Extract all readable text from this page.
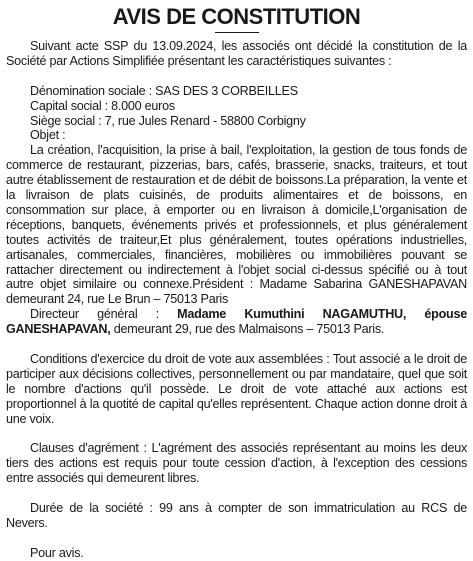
AVIS DE CONSTITUTION

Suivant acte SSP du 13.09.2024, les associés ont décidé la constitution de la Société par Actions Simplifiée présentant les caractéristiques suivantes :

Dénomination sociale : SAS DES 3 CORBEILLES

Capital social : 8.000 euros

Siège social : 7, rue Jules Renard - 58800 Corbigny

Objet :

La création, l'acquisition, la prise à bail, l'exploitation, la gestion de tous fonds de commerce de restaurant, pizzerias, bars, cafés, brasserie, snacks, traiteurs, et tout autre établissement de restauration et de débit de boissons.La préparation, la vente et la livraison de plats cuisinés, de produits alimentaires et de boissons, en consommation sur place, à emporter ou en livraison à domicile,L'organisation de réceptions, banquets, événements privés et professionnels, et plus généralement toutes activités de traiteur,Et plus généralement, toutes opérations industrielles, artisanales, commerciales, financières, mobilières ou immobilières pouvant se rattacher directement ou indirectement à l'objet social ci-dessus spécifié ou à tout autre objet similaire ou connexe.Président : Madame Sabarina GANESHAPAVAN demeurant 24, rue Le Brun – 75013 Paris

Directeur général : Madame Kumuthini NAGAMUTHU, épouse GANESHAPAVAN, demeurant 29, rue des Malmaisons – 75013 Paris.

Conditions d'exercice du droit de vote aux assemblées : Tout associé a le droit de participer aux décisions collectives, personnellement ou par mandataire, quel que soit le nombre d'actions qu'il possède. Le droit de vote attaché aux actions est proportionnel à la quotité de capital qu'elles représentent. Chaque action donne droit à une voix.

Clauses d'agrément : L'agrément des associés représentant au moins les deux tiers des actions est requis pour toute cession d'action, à l'exception des cessions entre associés qui demeurent libres.

Durée de la société : 99 ans à compter de son immatriculation au RCS de Nevers.

Pour avis.
